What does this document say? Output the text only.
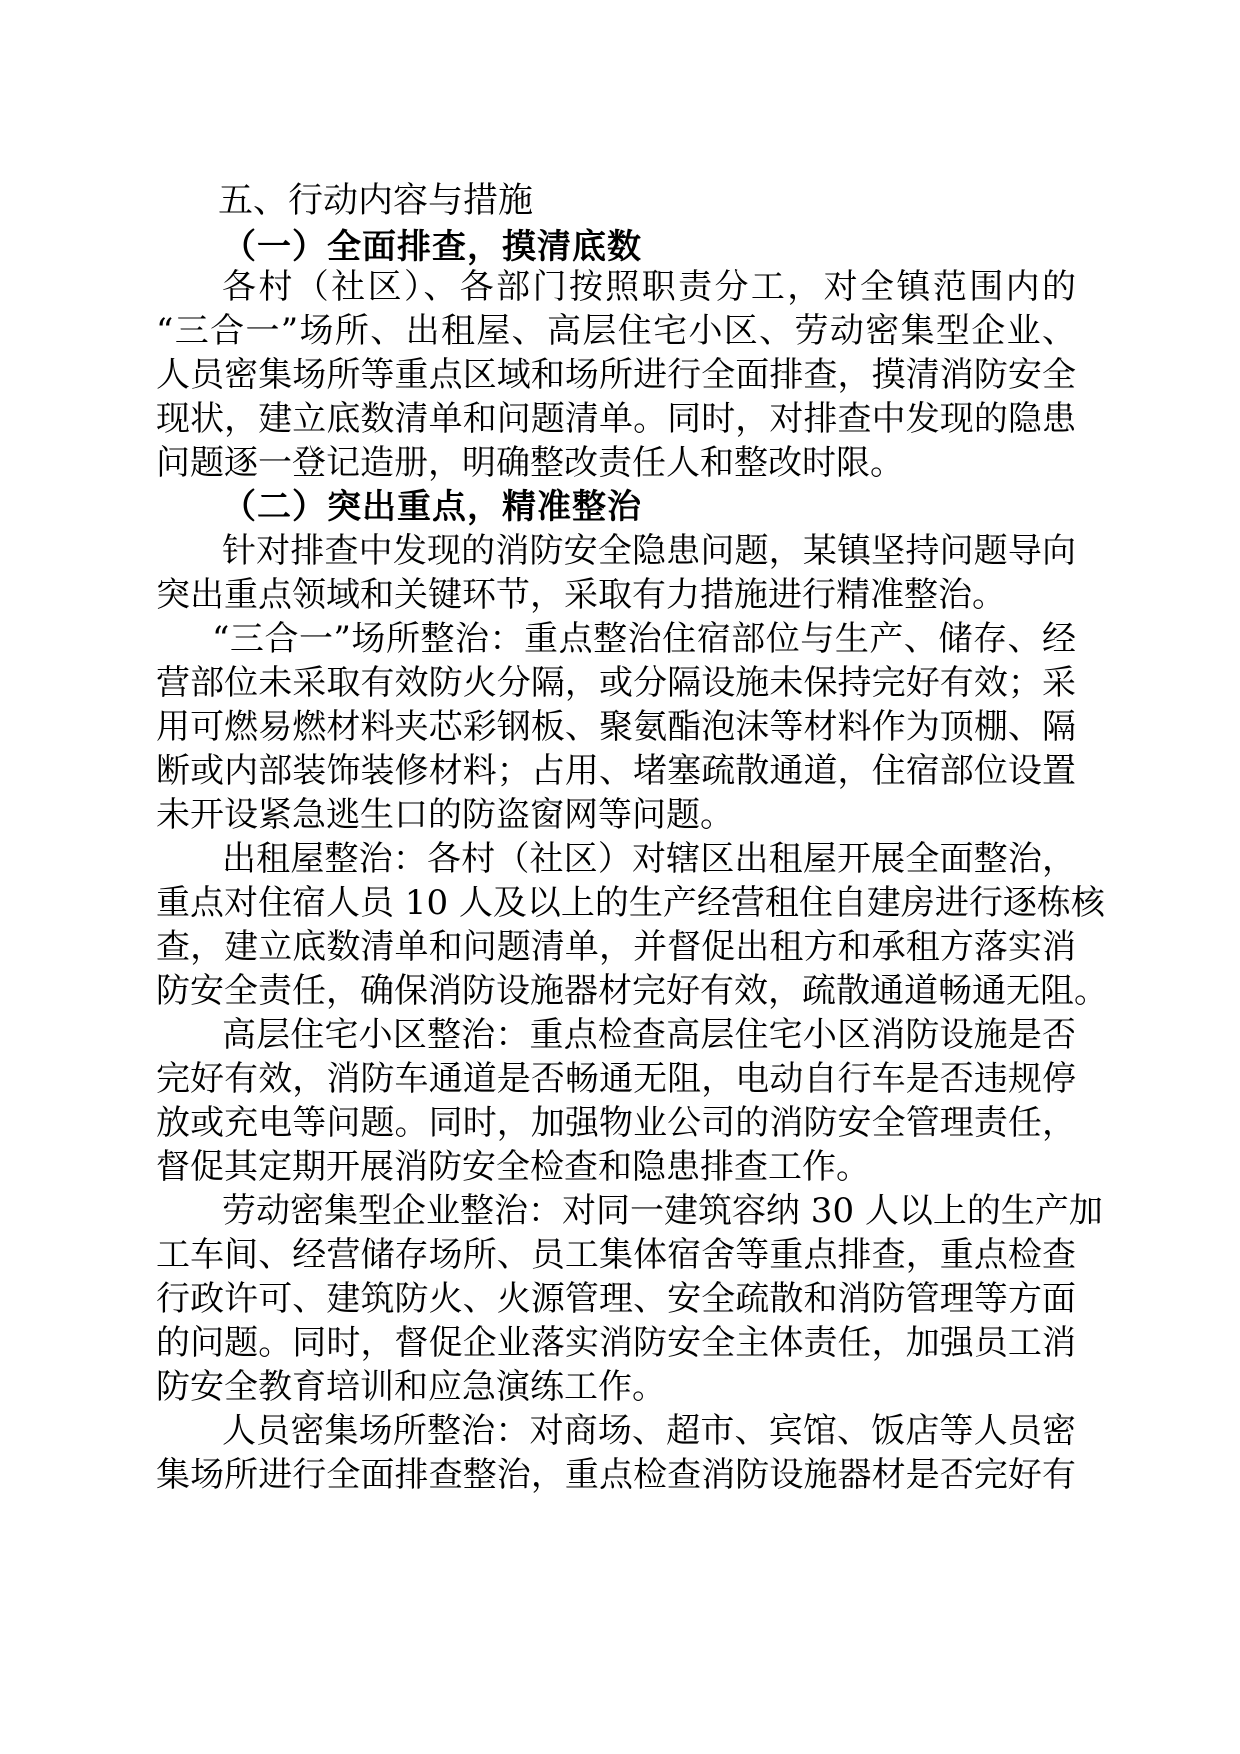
五、行动内容与措施

（一）全面排查，摸清底数

各村（社区）、各部门按照职责分工，对全镇范围内的

“三合一”场所、出租屋、高层住宅小区、劳动密集型企业、

人员密集场所等重点区域和场所进行全面排查，摸清消防安全

现状，建立底数清单和问题清单。同时，对排查中发现的隐患

问题逐一登记造册，明确整改责任人和整改时限。

（二）突出重点，精准整治

针对排查中发现的消防安全隐患问题，某镇坚持问题导向

突出重点领域和关键环节，采取有力措施进行精准整治。

“三合一”场所整治：重点整治住宿部位与生产、储存、经

营部位未采取有效防火分隔，或分隔设施未保持完好有效；采

用可燃易燃材料夹芯彩钢板、聚氨酯泡沫等材料作为顶棚、隔

断或内部装饰装修材料；占用、堵塞疏散通道，住宿部位设置

未开设紧急逃生口的防盗窗网等问题。

出租屋整治：各村（社区）对辖区出租屋开展全面整治，

重点对住宿人员 10 人及以上的生产经营租住自建房进行逐栋核

查，建立底数清单和问题清单，并督促出租方和承租方落实消

防安全责任，确保消防设施器材完好有效，疏散通道畅通无阻。

高层住宅小区整治：重点检查高层住宅小区消防设施是否

完好有效，消防车通道是否畅通无阻，电动自行车是否违规停

放或充电等问题。同时，加强物业公司的消防安全管理责任，

督促其定期开展消防安全检查和隐患排查工作。

劳动密集型企业整治：对同一建筑容纳 30 人以上的生产加

工车间、经营储存场所、员工集体宿舍等重点排查，重点检查

行政许可、建筑防火、火源管理、安全疏散和消防管理等方面

的问题。同时，督促企业落实消防安全主体责任，加强员工消

防安全教育培训和应急演练工作。

人员密集场所整治：对商场、超市、宾馆、饭店等人员密

集场所进行全面排查整治，重点检查消防设施器材是否完好有
